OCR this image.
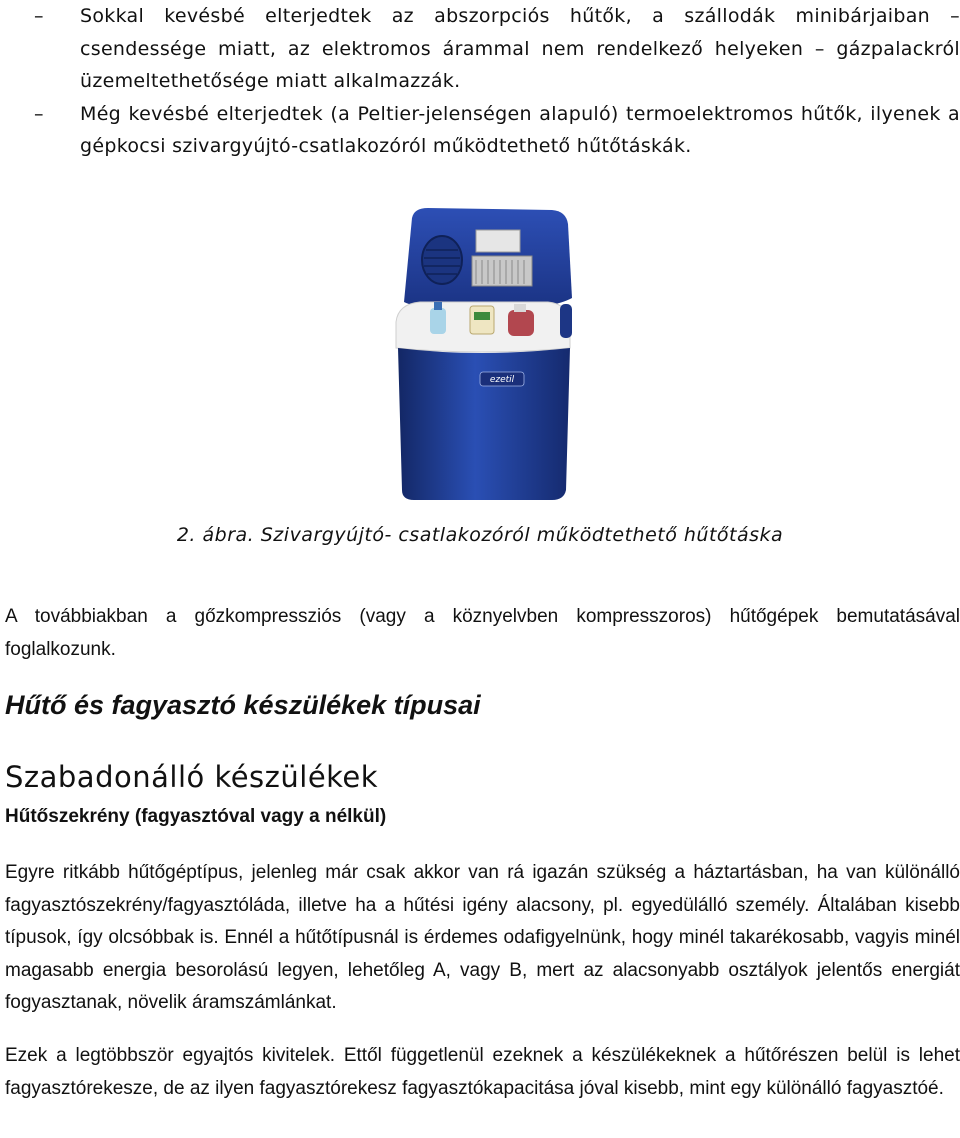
– Sokkal kevésbé elterjedtek az abszorpciós hűtők, a szállodák minibárjaiban – csendessége miatt, az elektromos árammal nem rendelkező helyeken – gázpalackról üzemeltethetősége miatt alkalmazzák.
– Még kevésbé elterjedtek (a Peltier-jelenségen alapuló) termoelektromos hűtők, ilyenek a gépkocsi szivargyújtó-csatlakozóról működtethető hűtőtáskák.
ezetil
2. ábra. Szivargyújtó- csatlakozóról működtethető hűtőtáska
A továbbiakban a gőzkompressziós (vagy a köznyelvben kompresszoros) hűtőgépek bemutatásával foglalkozunk.
Hűtő és fagyasztó készülékek típusai
Szabadonálló készülékek
Hűtőszekrény (fagyasztóval vagy a nélkül)
Egyre ritkább hűtőgéptípus, jelenleg már csak akkor van rá igazán szükség a háztartásban, ha van különálló fagyasztószekrény/fagyasztóláda, illetve ha a hűtési igény alacsony, pl. egyedülálló személy. Általában kisebb típusok, így olcsóbbak is. Ennél a hűtőtípusnál is érdemes odafigyelnünk, hogy minél takarékosabb, vagyis minél magasabb energia besorolású legyen, lehetőleg A, vagy B, mert az alacsonyabb osztályok jelentős energiát fogyasztanak, növelik áramszámlánkat.
Ezek a legtöbbször egyajtós kivitelek. Ettől függetlenül ezeknek a készülékeknek a hűtőrészen belül is lehet fagyasztórekesze, de az ilyen fagyasztórekesz fagyasztókapacitása jóval kisebb, mint egy különálló fagyasztóé.
